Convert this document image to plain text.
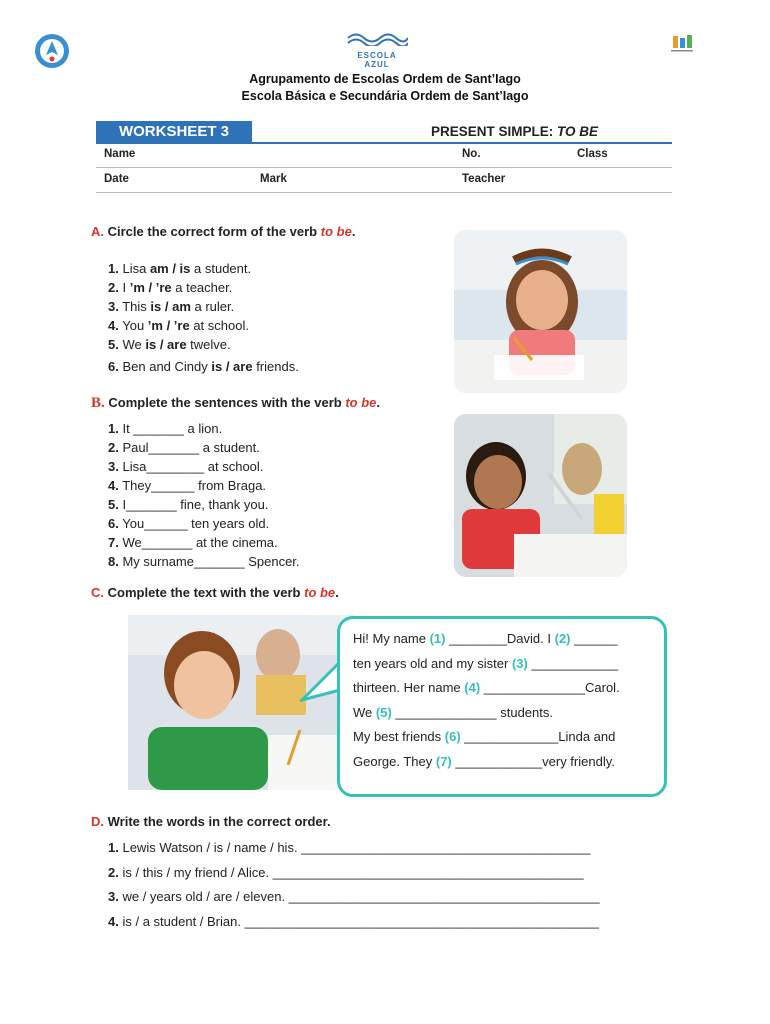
ESCOLA AZUL
Agrupamento de Escolas Ordem de Sant’Iago
Escola Básica e Secundária Ordem de Sant’Iago
WORKSHEET 3	PRESENT SIMPLE: TO BE
Name	No.	Class
Date	Mark	Teacher
A. Circle the correct form of the verb to be.
1. Lisa am / is a student.
2. I ’m / ’re a teacher.
3. This is / am a ruler.
4. You ’m / ’re at school.
5. We is / are twelve.
6. Ben and Cindy is / are friends.
B. Complete the sentences with the verb to be.
1. It _______ a lion.
2. Paul_______ a student.
3. Lisa________ at school.
4. They______ from Braga.
5. I_______ fine, thank you.
6. You______ ten years old.
7. We_______ at the cinema.
8. My surname_______ Spencer.
C. Complete the text with the verb to be.
Hi! My name (1) ________David. I (2) ______
ten years old and my sister (3) ____________
thirteen. Her name (4) ______________Carol.
We (5) ______________ students.
My best friends (6) _____________Linda and
George. They (7) ____________very friendly.
D. Write the words in the correct order.
1. Lewis Watson / is / name / his. ________________________________________
2. is / this / my friend / Alice. ___________________________________________
3. we / years old / are / eleven. ___________________________________________
4. is / a student / Brian. _________________________________________________
